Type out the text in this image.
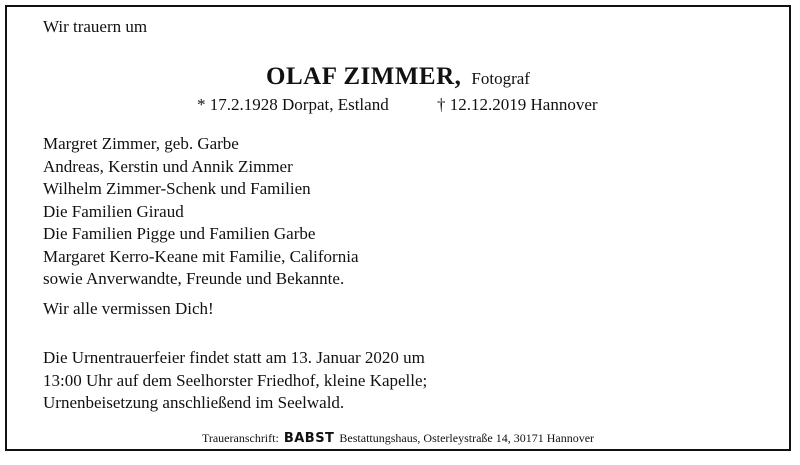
Wir trauern um
OLAF ZIMMER, Fotograf
* 17.2.1928 Dorpat, Estland	† 12.12.2019 Hannover
Margret Zimmer, geb. Garbe
Andreas, Kerstin und Annik Zimmer
Wilhelm Zimmer-Schenk und Familien
Die Familien Giraud
Die Familien Pigge und Familien Garbe
Margaret Kerro-Keane mit Familie, California
sowie Anverwandte, Freunde und Bekannte.
Wir alle vermissen Dich!
Die Urnentrauerfeier findet statt am 13. Januar 2020 um
13:00 Uhr auf dem Seelhorster Friedhof, kleine Kapelle;
Urnenbeisetzung anschließend im Seelwald.
Traueranschrift: BABST Bestattungshaus, Osterleystraße 14, 30171 Hannover
